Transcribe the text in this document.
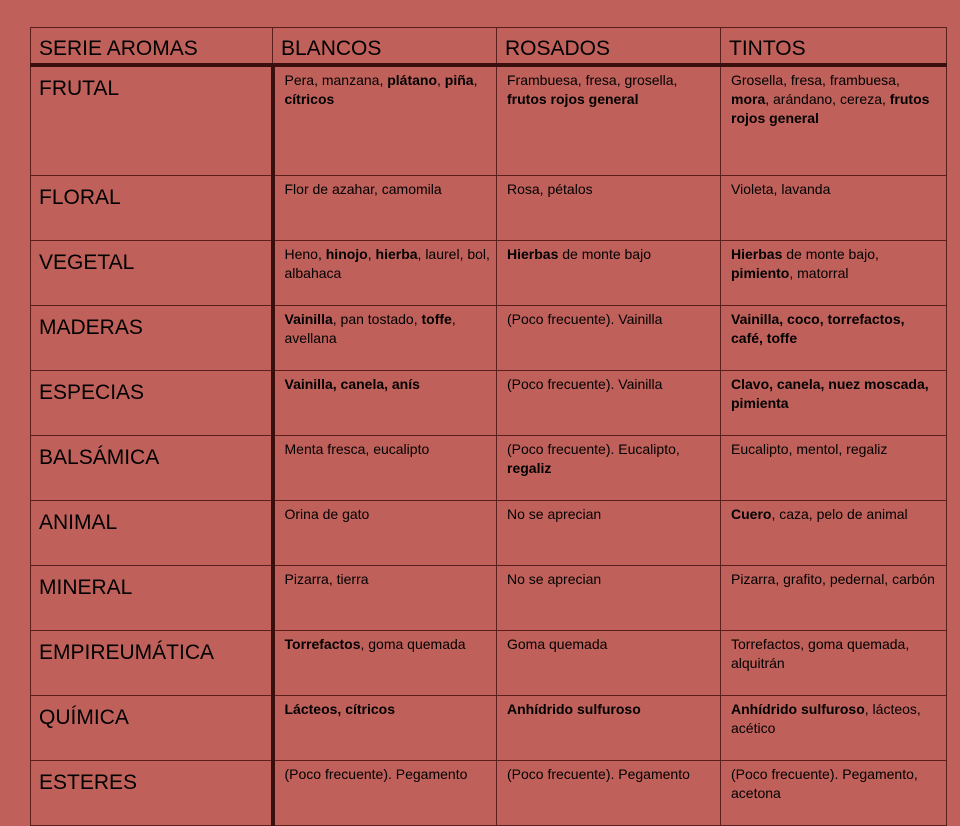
SERIE AROMAS	BLANCOS	ROSADOS	TINTOS
FRUTAL	Pera, manzana, plátano, piña, cítricos	Frambuesa, fresa, grosella, frutos rojos general	Grosella, fresa, frambuesa, mora, arándano, cereza, frutos rojos general
FLORAL	Flor de azahar, camomila	Rosa, pétalos	Violeta, lavanda
VEGETAL	Heno, hinojo, hierba, laurel, bol, albahaca	Hierbas de monte bajo	Hierbas de monte bajo, pimiento, matorral
MADERAS	Vainilla, pan tostado, toffe, avellana	(Poco frecuente). Vainilla	Vainilla, coco, torrefactos, café, toffe
ESPECIAS	Vainilla, canela, anís	(Poco frecuente). Vainilla	Clavo, canela, nuez moscada, pimienta
BALSÁMICA	Menta fresca, eucalipto	(Poco frecuente). Eucalipto, regaliz	Eucalipto, mentol, regaliz
ANIMAL	Orina de gato	No se aprecian	Cuero, caza, pelo de animal
MINERAL	Pizarra, tierra	No se aprecian	Pizarra, grafito, pedernal, carbón
EMPIREUMÁTICA	Torrefactos, goma quemada	Goma quemada	Torrefactos, goma quemada, alquitrán
QUÍMICA	Lácteos, cítricos	Anhídrido sulfuroso	Anhídrido sulfuroso, lácteos, acético
ESTERES	(Poco frecuente). Pegamento	(Poco frecuente). Pegamento	(Poco frecuente). Pegamento, acetona
